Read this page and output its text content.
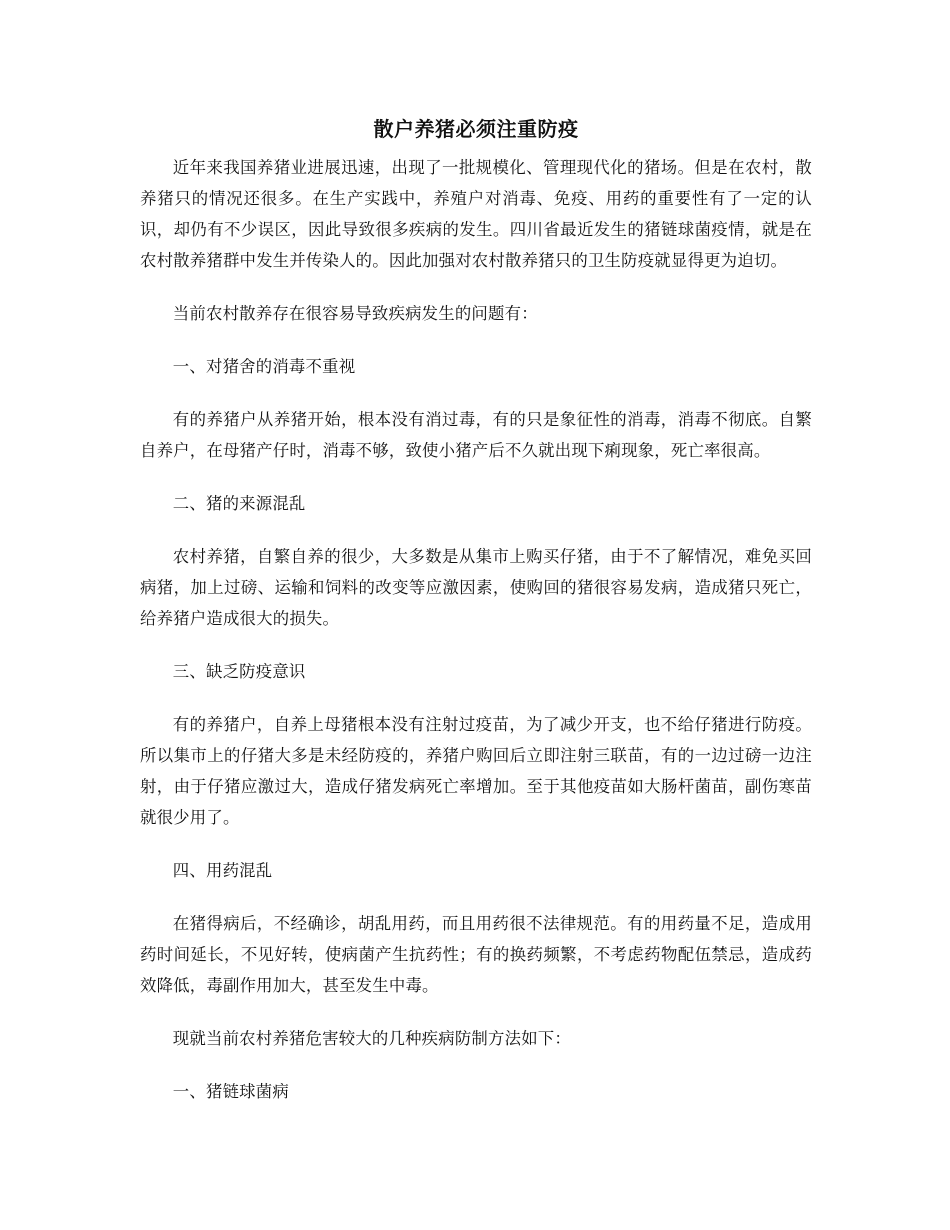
散户养猪必须注重防疫

近年来我国养猪业进展迅速，出现了一批规模化、管理现代化的猪场。但是在农村，散养猪只的情况还很多。在生产实践中，养殖户对消毒、免疫、用药的重要性有了一定的认识，却仍有不少误区，因此导致很多疾病的发生。四川省最近发生的猪链球菌疫情，就是在农村散养猪群中发生并传染人的。因此加强对农村散养猪只的卫生防疫就显得更为迫切。

当前农村散养存在很容易导致疾病发生的问题有：

一、对猪舍的消毒不重视

有的养猪户从养猪开始，根本没有消过毒，有的只是象征性的消毒，消毒不彻底。自繁自养户，在母猪产仔时，消毒不够，致使小猪产后不久就出现下痢现象，死亡率很高。

二、猪的来源混乱

农村养猪，自繁自养的很少，大多数是从集市上购买仔猪，由于不了解情况，难免买回病猪，加上过磅、运输和饲料的改变等应激因素，使购回的猪很容易发病，造成猪只死亡，给养猪户造成很大的损失。

三、缺乏防疫意识

有的养猪户，自养上母猪根本没有注射过疫苗，为了减少开支，也不给仔猪进行防疫。所以集市上的仔猪大多是未经防疫的，养猪户购回后立即注射三联苗，有的一边过磅一边注射，由于仔猪应激过大，造成仔猪发病死亡率增加。至于其他疫苗如大肠杆菌苗，副伤寒苗就很少用了。

四、用药混乱

在猪得病后，不经确诊，胡乱用药，而且用药很不法律规范。有的用药量不足，造成用药时间延长，不见好转，使病菌产生抗药性；有的换药频繁，不考虑药物配伍禁忌，造成药效降低，毒副作用加大，甚至发生中毒。

现就当前农村养猪危害较大的几种疾病防制方法如下：

一、猪链球菌病
